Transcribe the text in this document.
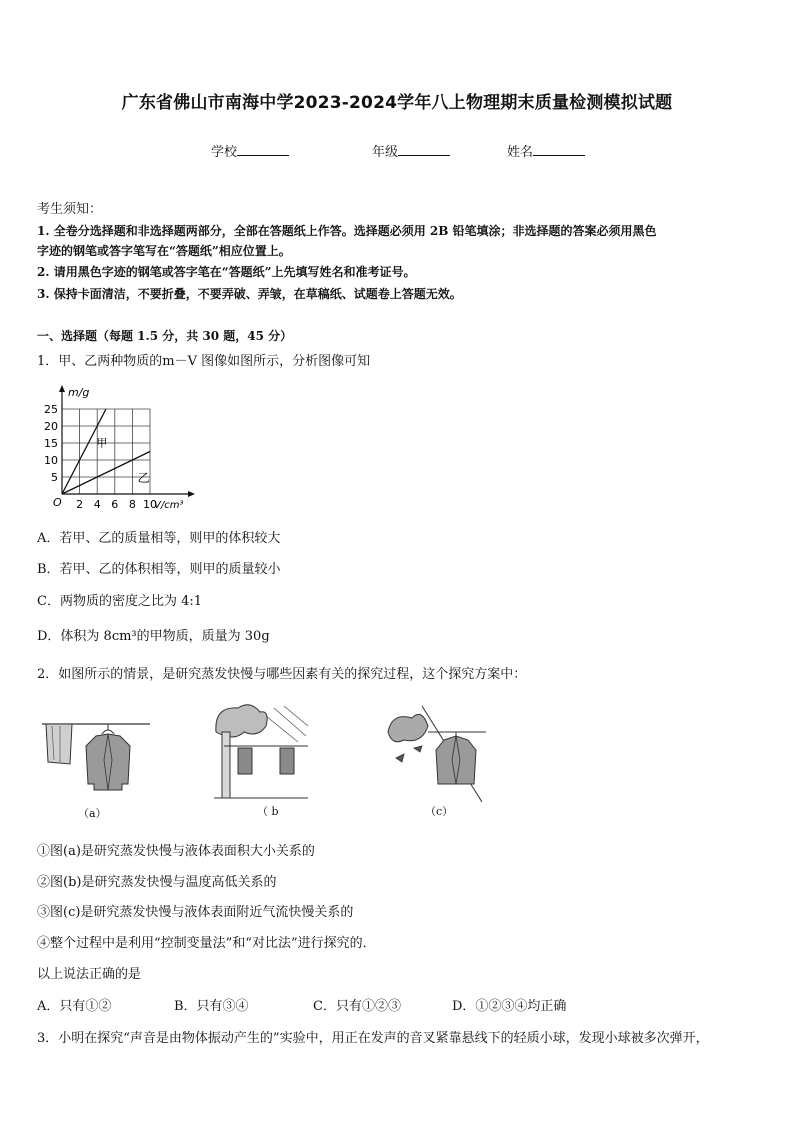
广东省佛山市南海中学2023-2024学年八上物理期末质量检测模拟试题
学校	年级	姓名
考生须知：
1. 全卷分选择题和非选择题两部分，全部在答题纸上作答。选择题必须用 2B 铅笔填涂；非选择题的答案必须用黑色
字迹的钢笔或答字笔写在“答题纸”相应位置上。
2. 请用黑色字迹的钢笔或答字笔在“答题纸”上先填写姓名和准考证号。
3. 保持卡面清洁，不要折叠，不要弄破、弄皱，在草稿纸、试题卷上答题无效。
一、选择题（每题 1.5 分，共 30 题，45 分）
1．甲、乙两种物质的m－V 图像如图所示，分析图像可知
甲
乙
2 4 6 8 10
5
10
15
20
25
O
m/g
V/cm³
A．若甲、乙的质量相等，则甲的体积较大
B．若甲、乙的体积相等，则甲的质量较小
C．两物质的密度之比为 4:1
D．体积为 8cm³的甲物质，质量为 30g
2．如图所示的情景，是研究蒸发快慢与哪些因素有关的探究过程，这个探究方案中：
（a）	（ b	（c）
①图(a)是研究蒸发快慢与液体表面积大小关系的
②图(b)是研究蒸发快慢与温度高低关系的
③图(c)是研究蒸发快慢与液体表面附近气流快慢关系的
④整个过程中是利用“控制变量法”和“对比法”进行探究的．
以上说法正确的是
A．只有①②	B．只有③④	C．只有①②③	D．①②③④均正确
3．小明在探究“声音是由物体振动产生的”实验中，用正在发声的音叉紧靠悬线下的轻质小球，发现小球被多次弹开，
